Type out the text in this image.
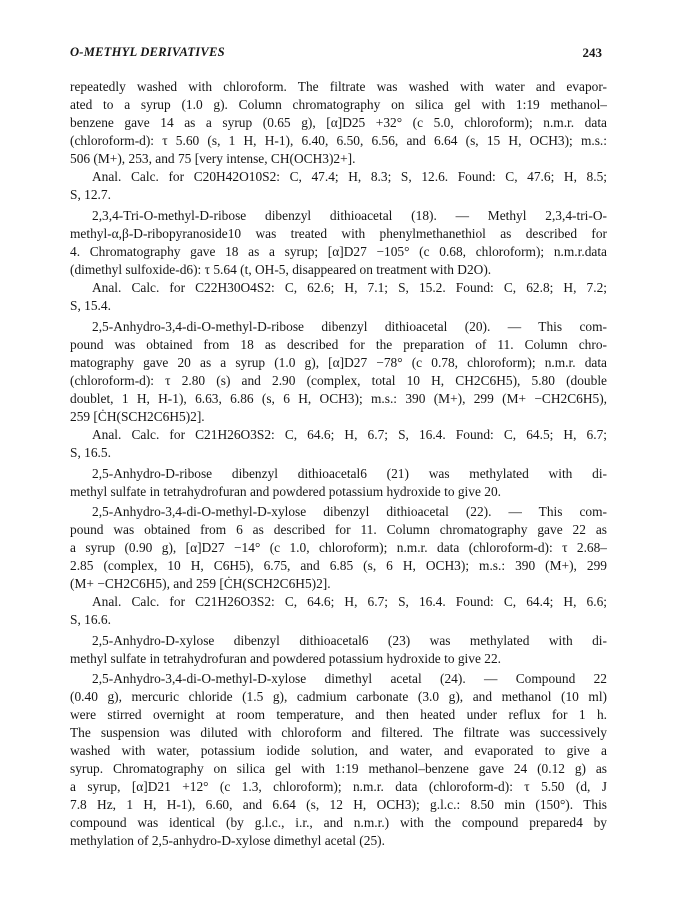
O-METHYL DERIVATIVES	243
repeatedly washed with chloroform. The filtrate was washed with water and evapor-
ated to a syrup (1.0 g). Column chromatography on silica gel with 1:19 methanol–
benzene gave 14 as a syrup (0.65 g), [α]D25 +32° (c 5.0, chloroform); n.m.r. data
(chloroform-d): τ 5.60 (s, 1 H, H-1), 6.40, 6.50, 6.56, and 6.64 (s, 15 H, OCH3); m.s.:
506 (M+), 253, and 75 [very intense, CH(OCH3)2+].
Anal. Calc. for C20H42O10S2: C, 47.4; H, 8.3; S, 12.6. Found: C, 47.6; H, 8.5;
S, 12.7.
2,3,4-Tri-O-methyl-D-ribose dibenzyl dithioacetal (18). — Methyl 2,3,4-tri-O-
methyl-α,β-D-ribopyranoside10 was treated with phenylmethanethiol as described for
4. Chromatography gave 18 as a syrup; [α]D27 −105° (c 0.68, chloroform); n.m.r.data
(dimethyl sulfoxide-d6): τ 5.64 (t, OH-5, disappeared on treatment with D2O).
Anal. Calc. for C22H30O4S2: C, 62.6; H, 7.1; S, 15.2. Found: C, 62.8; H, 7.2;
S, 15.4.
2,5-Anhydro-3,4-di-O-methyl-D-ribose dibenzyl dithioacetal (20). — This com-
pound was obtained from 18 as described for the preparation of 11. Column chro-
matography gave 20 as a syrup (1.0 g), [α]D27 −78° (c 0.78, chloroform); n.m.r. data
(chloroform-d): τ 2.80 (s) and 2.90 (complex, total 10 H, CH2C6H5), 5.80 (double
doublet, 1 H, H-1), 6.63, 6.86 (s, 6 H, OCH3); m.s.: 390 (M+), 299 (M+ −CH2C6H5),
259 [ĊH(SCH2C6H5)2].
Anal. Calc. for C21H26O3S2: C, 64.6; H, 6.7; S, 16.4. Found: C, 64.5; H, 6.7;
S, 16.5.
2,5-Anhydro-D-ribose dibenzyl dithioacetal6 (21) was methylated with di-
methyl sulfate in tetrahydrofuran and powdered potassium hydroxide to give 20.
2,5-Anhydro-3,4-di-O-methyl-D-xylose dibenzyl dithioacetal (22). — This com-
pound was obtained from 6 as described for 11. Column chromatography gave 22 as
a syrup (0.90 g), [α]D27 −14° (c 1.0, chloroform); n.m.r. data (chloroform-d): τ 2.68–
2.85 (complex, 10 H, C6H5), 6.75, and 6.85 (s, 6 H, OCH3); m.s.: 390 (M+), 299
(M+ −CH2C6H5), and 259 [ĊH(SCH2C6H5)2].
Anal. Calc. for C21H26O3S2: C, 64.6; H, 6.7; S, 16.4. Found: C, 64.4; H, 6.6;
S, 16.6.
2,5-Anhydro-D-xylose dibenzyl dithioacetal6 (23) was methylated with di-
methyl sulfate in tetrahydrofuran and powdered potassium hydroxide to give 22.
2,5-Anhydro-3,4-di-O-methyl-D-xylose dimethyl acetal (24). — Compound 22
(0.40 g), mercuric chloride (1.5 g), cadmium carbonate (3.0 g), and methanol (10 ml)
were stirred overnight at room temperature, and then heated under reflux for 1 h.
The suspension was diluted with chloroform and filtered. The filtrate was successively
washed with water, potassium iodide solution, and water, and evaporated to give a
syrup. Chromatography on silica gel with 1:19 methanol–benzene gave 24 (0.12 g) as
a syrup, [α]D21 +12° (c 1.3, chloroform); n.m.r. data (chloroform-d): τ 5.50 (d, J
7.8 Hz, 1 H, H-1), 6.60, and 6.64 (s, 12 H, OCH3); g.l.c.: 8.50 min (150°). This
compound was identical (by g.l.c., i.r., and n.m.r.) with the compound prepared4 by
methylation of 2,5-anhydro-D-xylose dimethyl acetal (25).
